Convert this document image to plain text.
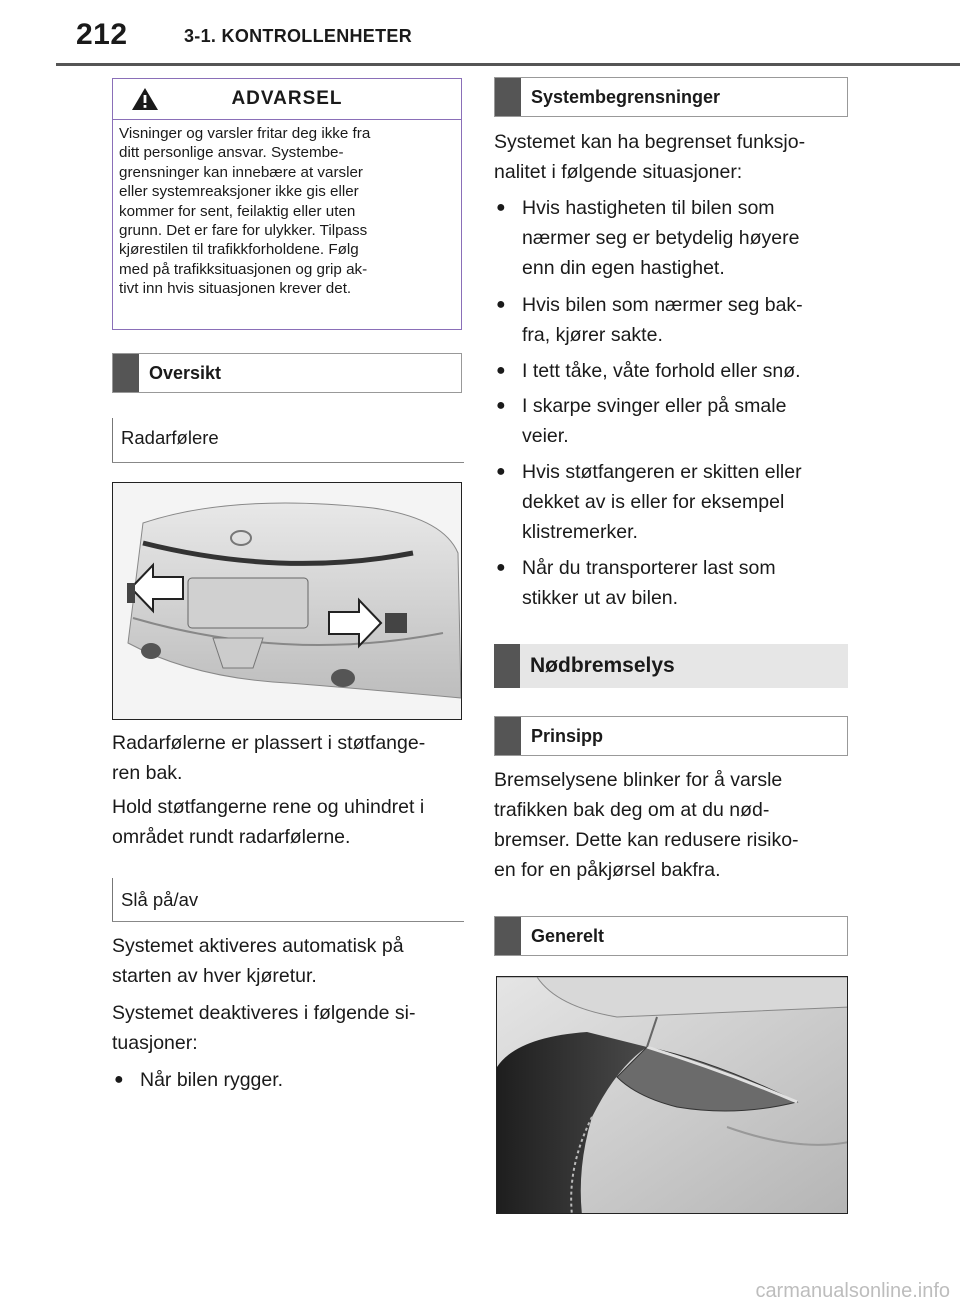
212	3-1. KONTROLLENHETER
ADVARSEL
Visninger og varsler fritar deg ikke fra
ditt personlige ansvar. Systembe-
grensninger kan innebære at varsler
eller systemreaksjoner ikke gis eller
kommer for sent, feilaktig eller uten
grunn. Det er fare for ulykker. Tilpass
kjørestilen til trafikkforholdene. Følg
med på trafikksituasjonen og grip ak-
tivt inn hvis situasjonen krever det.
Oversikt
Radarfølere
Radarfølerne er plassert i støtfange-
ren bak.
Hold støtfangerne rene og uhindret i
området rundt radarfølerne.
Slå på/av
Systemet aktiveres automatisk på
starten av hver kjøretur.
Systemet deaktiveres i følgende si-
tuasjoner:
● Når bilen rygger.
Systembegrensninger
Systemet kan ha begrenset funksjo-
nalitet i følgende situasjoner:
● Hvis hastigheten til bilen som
nærmer seg er betydelig høyere
enn din egen hastighet.
● Hvis bilen som nærmer seg bak-
fra, kjører sakte.
● I tett tåke, våte forhold eller snø.
● I skarpe svinger eller på smale
veier.
● Hvis støtfangeren er skitten eller
dekket av is eller for eksempel
klistremerker.
● Når du transporterer last som
stikker ut av bilen.
Nødbremselys
Prinsipp
Bremselysene blinker for å varsle
trafikken bak deg om at du nød-
bremser. Dette kan redusere risiko-
en for en påkjørsel bakfra.
Generelt
carmanualsonline.info
